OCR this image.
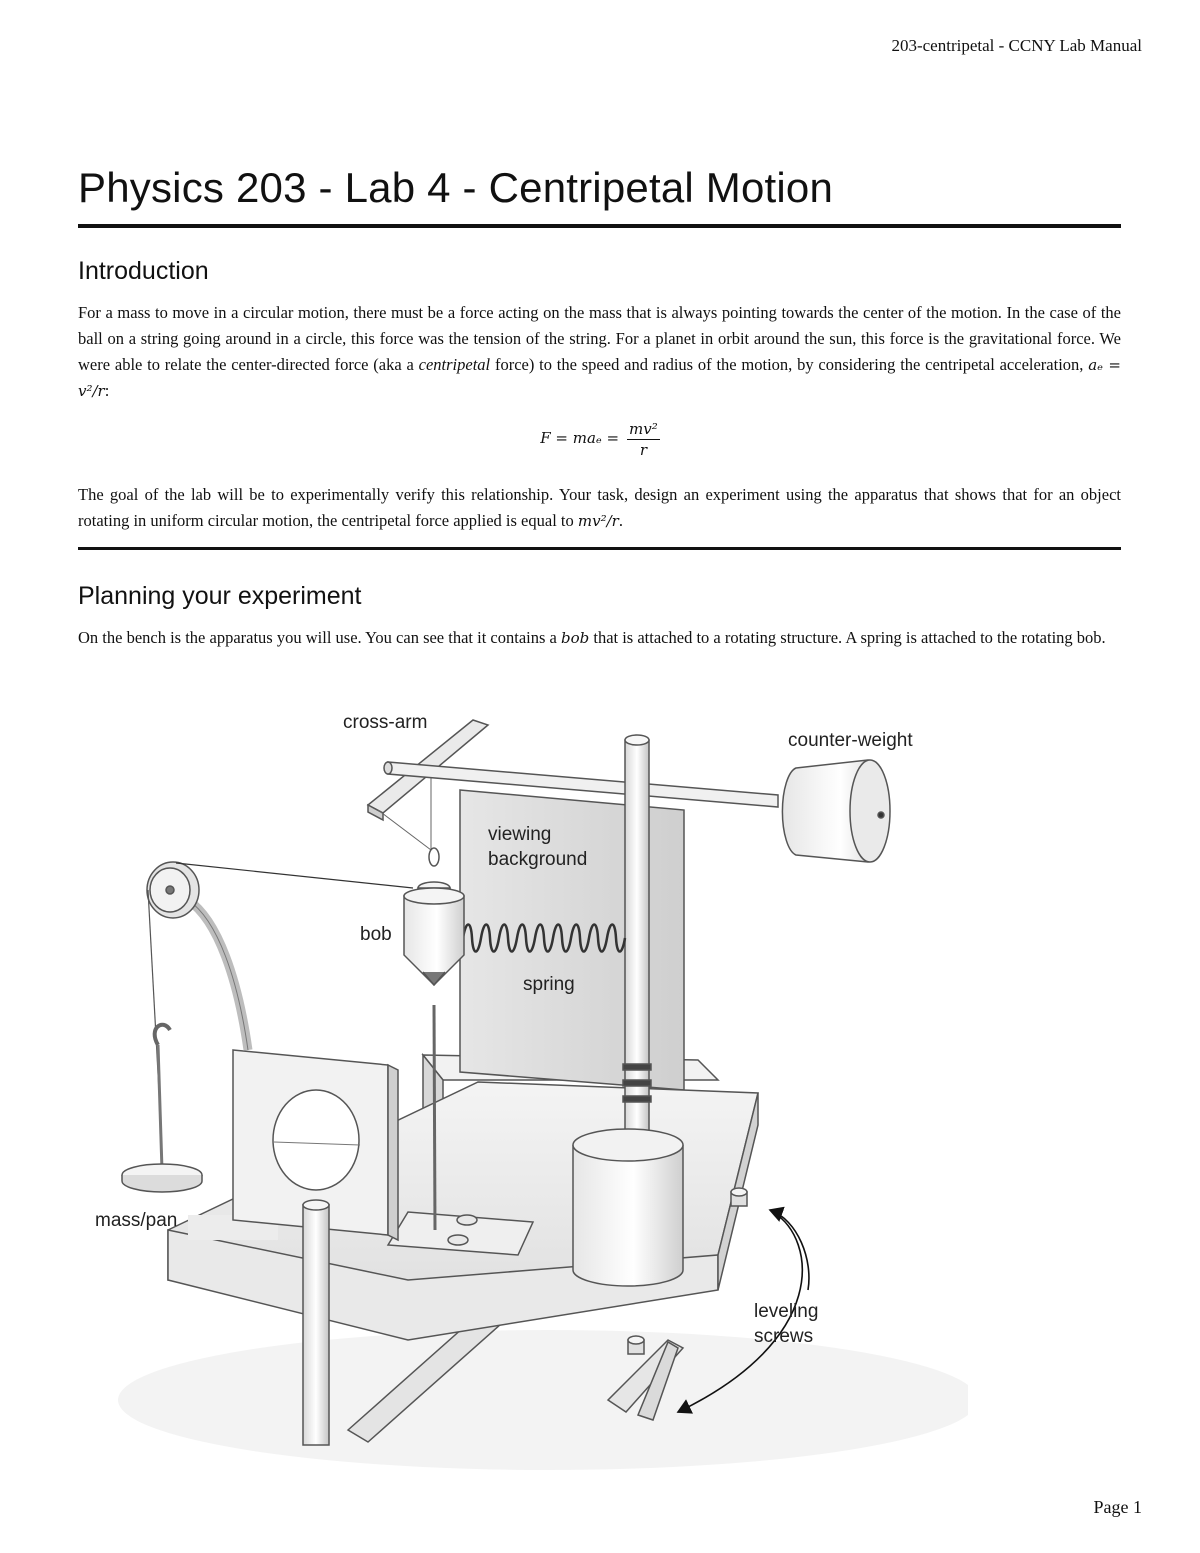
203-centripetal - CCNY Lab Manual
Physics 203 - Lab 4 - Centripetal Motion
Introduction

For a mass to move in a circular motion, there must be a force acting on the mass that is always pointing towards the center of the motion. In the case of the ball on a string going around in a circle, this force was the tension of the string. For a planet in orbit around the sun, this force is the gravitational force. We were able to relate the center-directed force (aka a centripetal force) to the speed and radius of the motion, by considering the centripetal acceleration, aₑ = v²/r:

$F = ma_e = \frac{\text{mv²}}{r}$

The goal of the lab will be to experimentally verify this relationship. Your task, design an experiment using the apparatus that shows that for an object rotating in uniform circular motion, the centripetal force applied is equal to mv²/r.

Planning your experiment

On the bench is the apparatus you will use. You can see that it contains a bob that is attached to a rotating structure. A spring is attached to the rotating bob.

cross-arm
counter-weight
viewing
background
bob
spring
mass/pan
leveling
screws
Page 1
